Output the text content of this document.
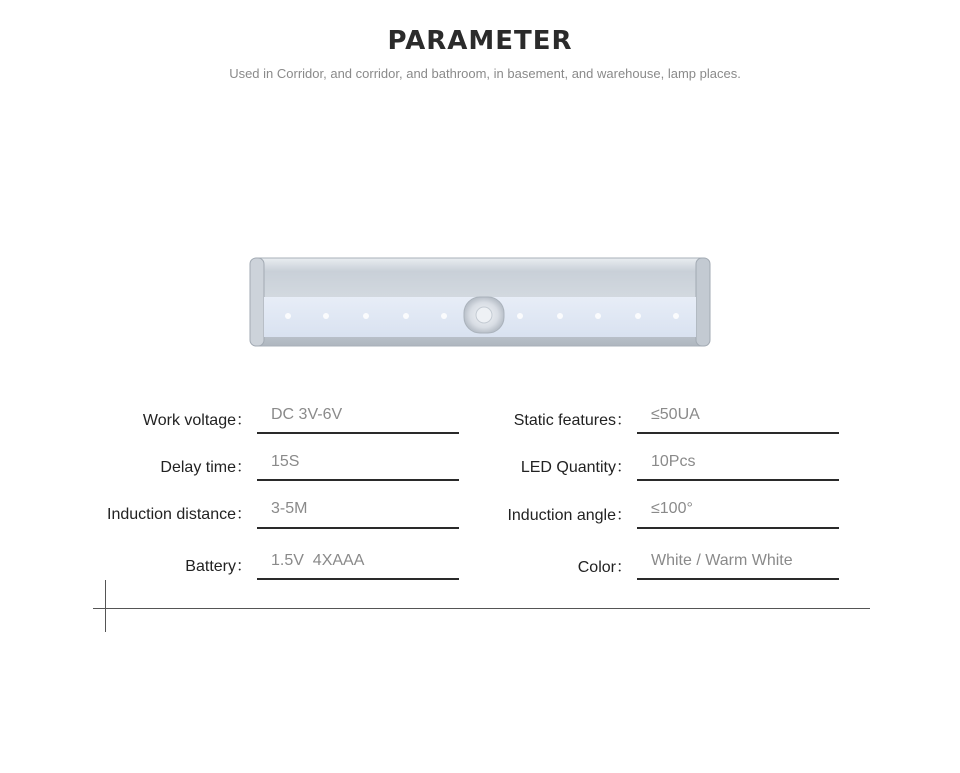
PARAMETER
Used in Corridor, and corridor, and bathroom, in basement, and warehouse, lamp places.
Work voltage： DC 3V-6V
Delay time： 15S
Induction distance： 3-5M
Battery： 1.5V  4XAAA
Static features： ≤50UA
LED Quantity： 10Pcs
Induction angle： ≤100°
Color： White / Warm White
